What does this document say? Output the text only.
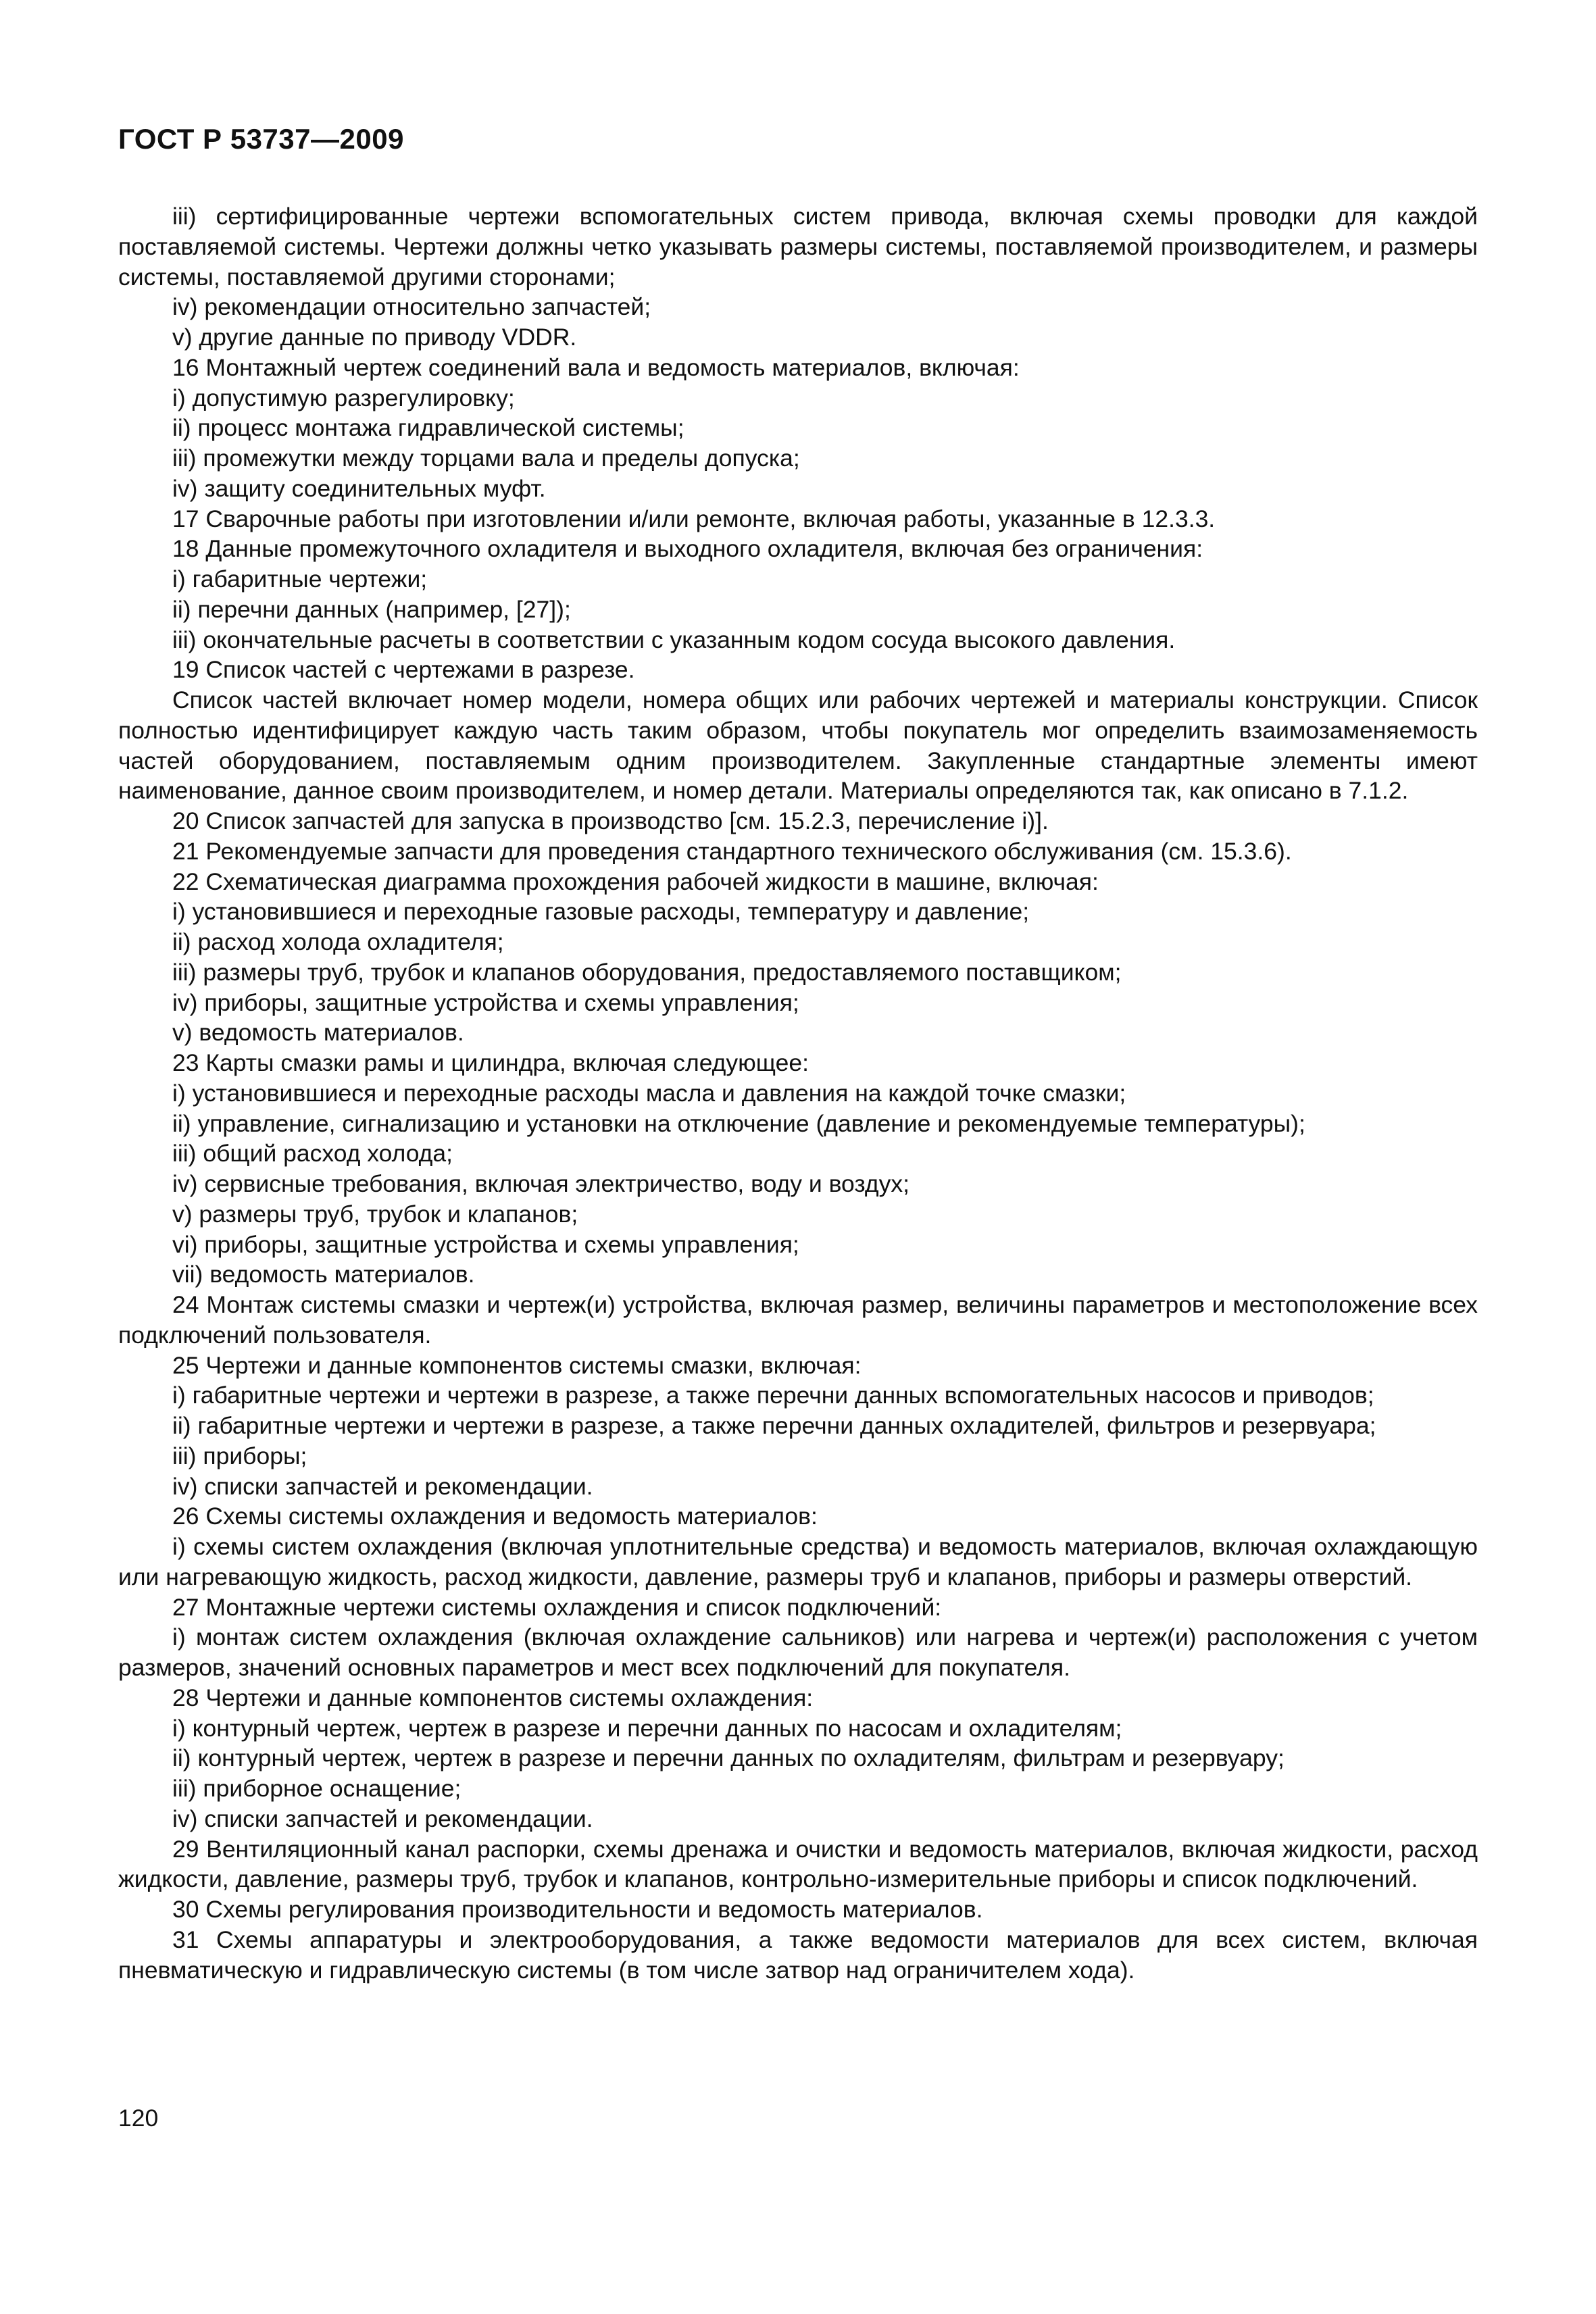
ГОСТ Р 53737—2009

iii) сертифицированные чертежи вспомогательных систем привода, включая схемы проводки для каждой поставляемой системы. Чертежи должны четко указывать размеры системы, поставляемой производителем, и размеры системы, поставляемой другими сторонами;

iv) рекомендации относительно запчастей;

v) другие данные по приводу VDDR.

16 Монтажный чертеж соединений вала и ведомость материалов, включая:

i) допустимую разрегулировку;

ii) процесс монтажа гидравлической системы;

iii) промежутки между торцами вала и пределы допуска;

iv) защиту соединительных муфт.

17 Сварочные работы при изготовлении и/или ремонте, включая работы, указанные в 12.3.3.

18 Данные промежуточного охладителя и выходного охладителя, включая без ограничения:

i) габаритные чертежи;

ii) перечни данных (например, [27]);

iii) окончательные расчеты в соответствии с указанным кодом сосуда высокого давления.

19 Список частей с чертежами в разрезе.

Список частей включает номер модели, номера общих или рабочих чертежей и материалы конструкции. Список полностью идентифицирует каждую часть таким образом, чтобы покупатель мог определить взаимозаменяемость частей оборудованием, поставляемым одним производителем. Закупленные стандартные элементы имеют наименование, данное своим производителем, и номер детали. Материалы определяются так, как описано в 7.1.2.

20 Список запчастей для запуска в производство [см. 15.2.3, перечисление i)].

21 Рекомендуемые запчасти для проведения стандартного технического обслуживания (см. 15.3.6).

22 Схематическая диаграмма прохождения рабочей жидкости в машине, включая:

i) установившиеся и переходные газовые расходы, температуру и давление;

ii) расход холода охладителя;

iii) размеры труб, трубок и клапанов оборудования, предоставляемого поставщиком;

iv) приборы, защитные устройства и схемы управления;

v) ведомость материалов.

23 Карты смазки рамы и цилиндра, включая следующее:

i) установившиеся и переходные расходы масла и давления на каждой точке смазки;

ii) управление, сигнализацию и установки на отключение (давление и рекомендуемые температуры);

iii) общий расход холода;

iv) сервисные требования, включая электричество, воду и воздух;

v) размеры труб, трубок и клапанов;

vi) приборы, защитные устройства и схемы управления;

vii) ведомость материалов.

24 Монтаж системы смазки и чертеж(и) устройства, включая размер, величины параметров и местоположение всех подключений пользователя.

25 Чертежи и данные компонентов системы смазки, включая:

i) габаритные чертежи и чертежи в разрезе, а также перечни данных вспомогательных насосов и приводов;

ii) габаритные чертежи и чертежи в разрезе, а также перечни данных охладителей, фильтров и резервуара;

iii) приборы;

iv) списки запчастей и рекомендации.

26 Схемы системы охлаждения и ведомость материалов:

i) схемы систем охлаждения (включая уплотнительные средства) и ведомость материалов, включая охлаждающую или нагревающую жидкость, расход жидкости, давление, размеры труб и клапанов, приборы и размеры отверстий.

27 Монтажные чертежи системы охлаждения и список подключений:

i) монтаж систем охлаждения (включая охлаждение сальников) или нагрева и чертеж(и) расположения с учетом размеров, значений основных параметров и мест всех подключений для покупателя.

28 Чертежи и данные компонентов системы охлаждения:

i) контурный чертеж, чертеж в разрезе и перечни данных по насосам и охладителям;

ii) контурный чертеж, чертеж в разрезе и перечни данных по охладителям, фильтрам и резервуару;

iii) приборное оснащение;

iv) списки запчастей и рекомендации.

29 Вентиляционный канал распорки, схемы дренажа и очистки и ведомость материалов, включая жидкости, расход жидкости, давление, размеры труб, трубок и клапанов, контрольно-измерительные приборы и список подключений.

30 Схемы регулирования производительности и ведомость материалов.

31 Схемы аппаратуры и электрооборудования, а также ведомости материалов для всех систем, включая пневматическую и гидравлическую системы (в том числе затвор над ограничителем хода).

120
